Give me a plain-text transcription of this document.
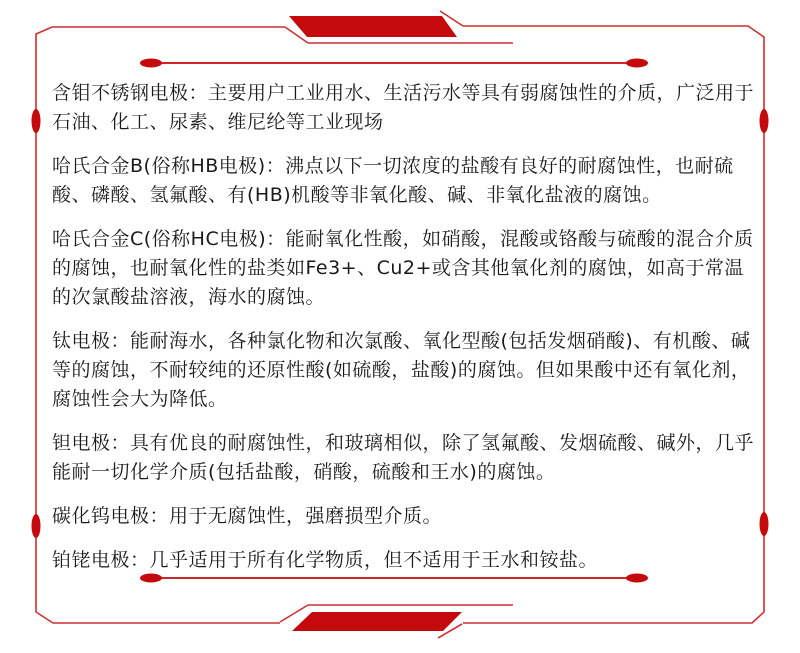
含钼不锈钢电极：主要用户工业用水、生活污水等具有弱腐蚀性的介质，广泛用于石油、化工、尿素、维尼纶等工业现场

哈氏合金B(俗称HB电极)：沸点以下一切浓度的盐酸有良好的耐腐蚀性，也耐硫酸、磷酸、氢氟酸、有(HB)机酸等非氧化酸、碱、非氧化盐液的腐蚀。

哈氏合金C(俗称HC电极)：能耐氧化性酸，如硝酸，混酸或铬酸与硫酸的混合介质的腐蚀，也耐氧化性的盐类如Fe3+、Cu2+或含其他氧化剂的腐蚀，如高于常温的次氯酸盐溶液，海水的腐蚀。

钛电极：能耐海水，各种氯化物和次氯酸、氧化型酸(包括发烟硝酸)、有机酸、碱等的腐蚀，不耐较纯的还原性酸(如硫酸，盐酸)的腐蚀。但如果酸中还有氧化剂，腐蚀性会大为降低。

钽电极：具有优良的耐腐蚀性，和玻璃相似，除了氢氟酸、发烟硫酸、碱外，几乎能耐一切化学介质(包括盐酸，硝酸，硫酸和王水)的腐蚀。

碳化钨电极：用于无腐蚀性，强磨损型介质。

铂铑电极：几乎适用于所有化学物质，但不适用于王水和铵盐。
